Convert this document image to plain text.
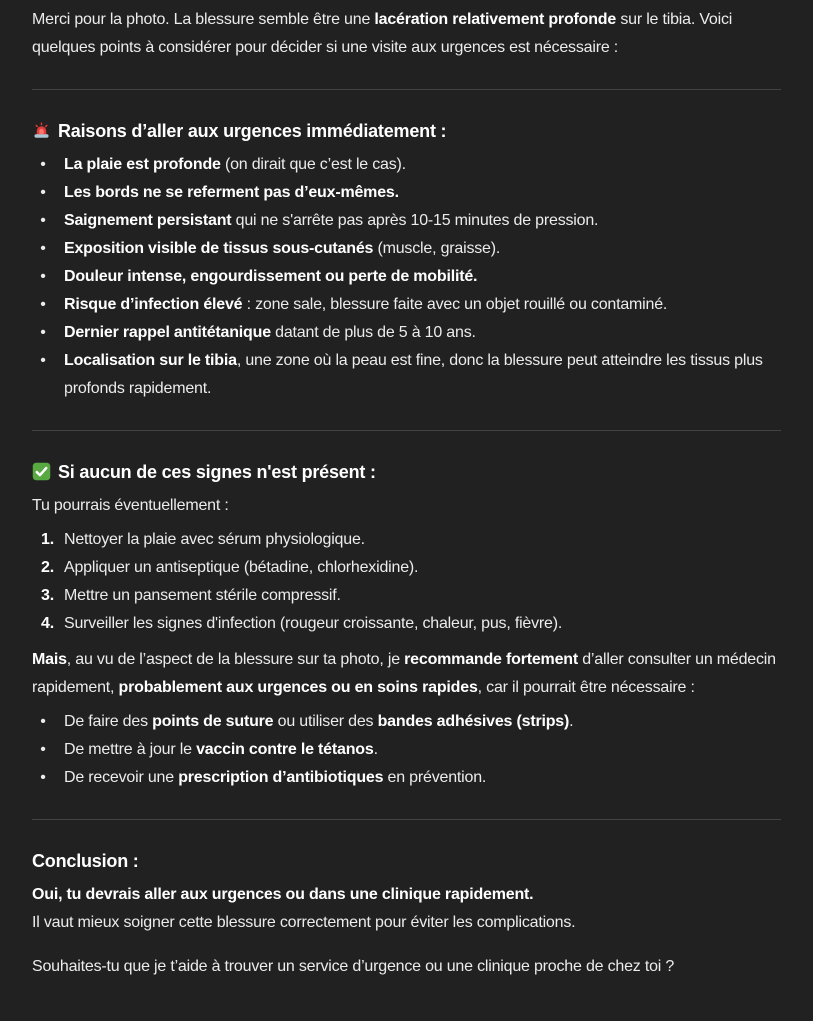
Merci pour la photo. La blessure semble être une lacération relativement profonde sur le tibia. Voici quelques points à considérer pour décider si une visite aux urgences est nécessaire :

Raisons d’aller aux urgences immédiatement :
•	La plaie est profonde (on dirait que c’est le cas).
•	Les bords ne se referment pas d’eux-mêmes.
•	Saignement persistant qui ne s'arrête pas après 10-15 minutes de pression.
•	Exposition visible de tissus sous-cutanés (muscle, graisse).
•	Douleur intense, engourdissement ou perte de mobilité.
•	Risque d’infection élevé : zone sale, blessure faite avec un objet rouillé ou contaminé.
•	Dernier rappel antitétanique datant de plus de 5 à 10 ans.
•	Localisation sur le tibia, une zone où la peau est fine, donc la blessure peut atteindre les tissus plus profonds rapidement.
Si aucun de ces signes n'est présent :

Tu pourrais éventuellement :

1. Nettoyer la plaie avec sérum physiologique.
2. Appliquer un antiseptique (bétadine, chlorhexidine).
3. Mettre un pansement stérile compressif.
4. Surveiller les signes d'infection (rougeur croissante, chaleur, pus, fièvre).

Mais, au vu de l’aspect de la blessure sur ta photo, je recommande fortement d’aller consulter un médecin rapidement, probablement aux urgences ou en soins rapides, car il pourrait être nécessaire :

•	De faire des points de suture ou utiliser des bandes adhésives (strips).
•	De mettre à jour le vaccin contre le tétanos.
•	De recevoir une prescription d’antibiotiques en prévention.
Conclusion :

Oui, tu devrais aller aux urgences ou dans une clinique rapidement.
Il vaut mieux soigner cette blessure correctement pour éviter les complications.

Souhaites-tu que je t’aide à trouver un service d’urgence ou une clinique proche de chez toi ?
